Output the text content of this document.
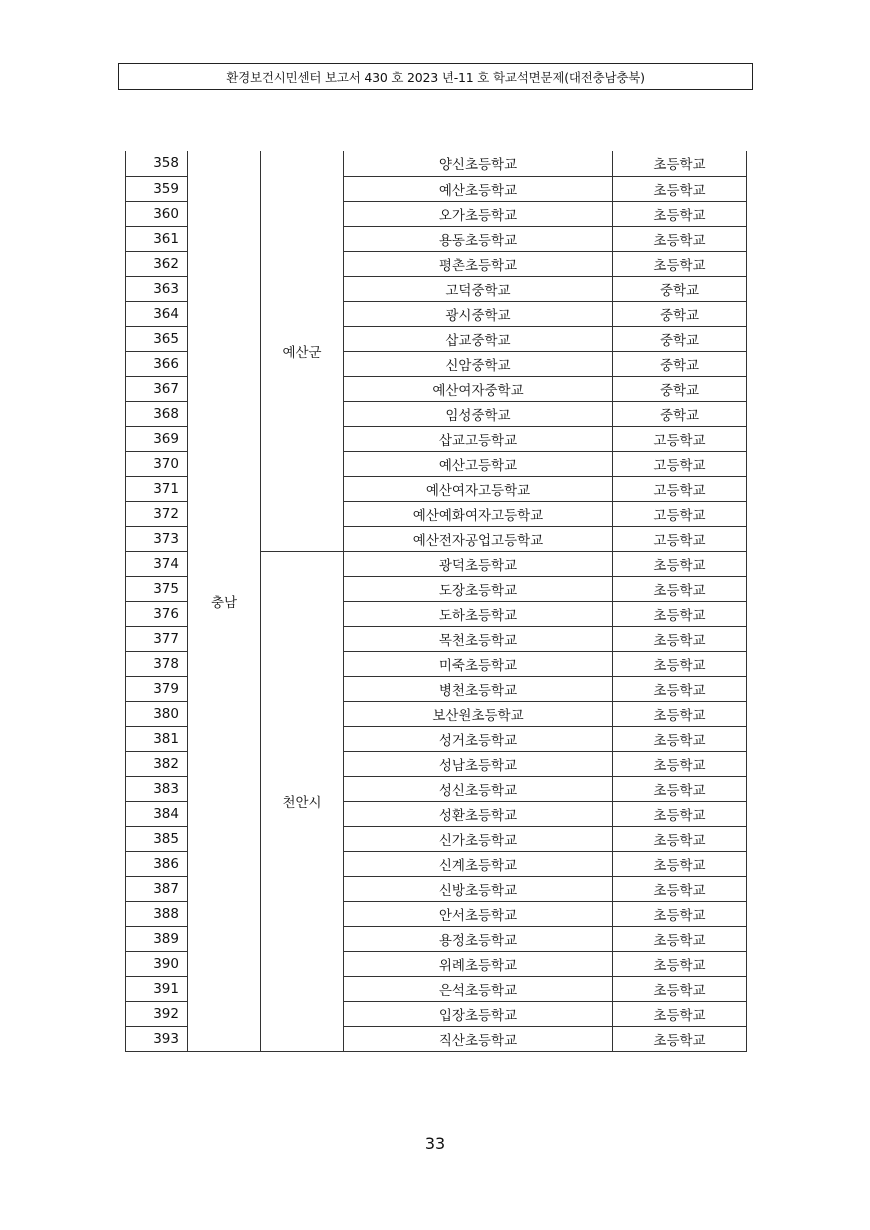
환경보건시민센터 보고서 430 호 2023 년-11 호 학교석면문제(대전충남충북)
358	충남	예산군	양신초등학교	초등학교
359			예산초등학교	초등학교
360			오가초등학교	초등학교
361			용동초등학교	초등학교
362			평촌초등학교	초등학교
363			고덕중학교	중학교
364			광시중학교	중학교
365			삽교중학교	중학교
366			신암중학교	중학교
367			예산여자중학교	중학교
368			임성중학교	중학교
369			삽교고등학교	고등학교
370			예산고등학교	고등학교
371			예산여자고등학교	고등학교
372			예산예화여자고등학교	고등학교
373			예산전자공업고등학교	고등학교
374		천안시	광덕초등학교	초등학교
375			도장초등학교	초등학교
376			도하초등학교	초등학교
377			목천초등학교	초등학교
378			미죽초등학교	초등학교
379			병천초등학교	초등학교
380			보산원초등학교	초등학교
381			성거초등학교	초등학교
382			성남초등학교	초등학교
383			성신초등학교	초등학교
384			성환초등학교	초등학교
385			신가초등학교	초등학교
386			신계초등학교	초등학교
387			신방초등학교	초등학교
388			안서초등학교	초등학교
389			용정초등학교	초등학교
390			위례초등학교	초등학교
391			은석초등학교	초등학교
392			입장초등학교	초등학교
393			직산초등학교	초등학교
33
